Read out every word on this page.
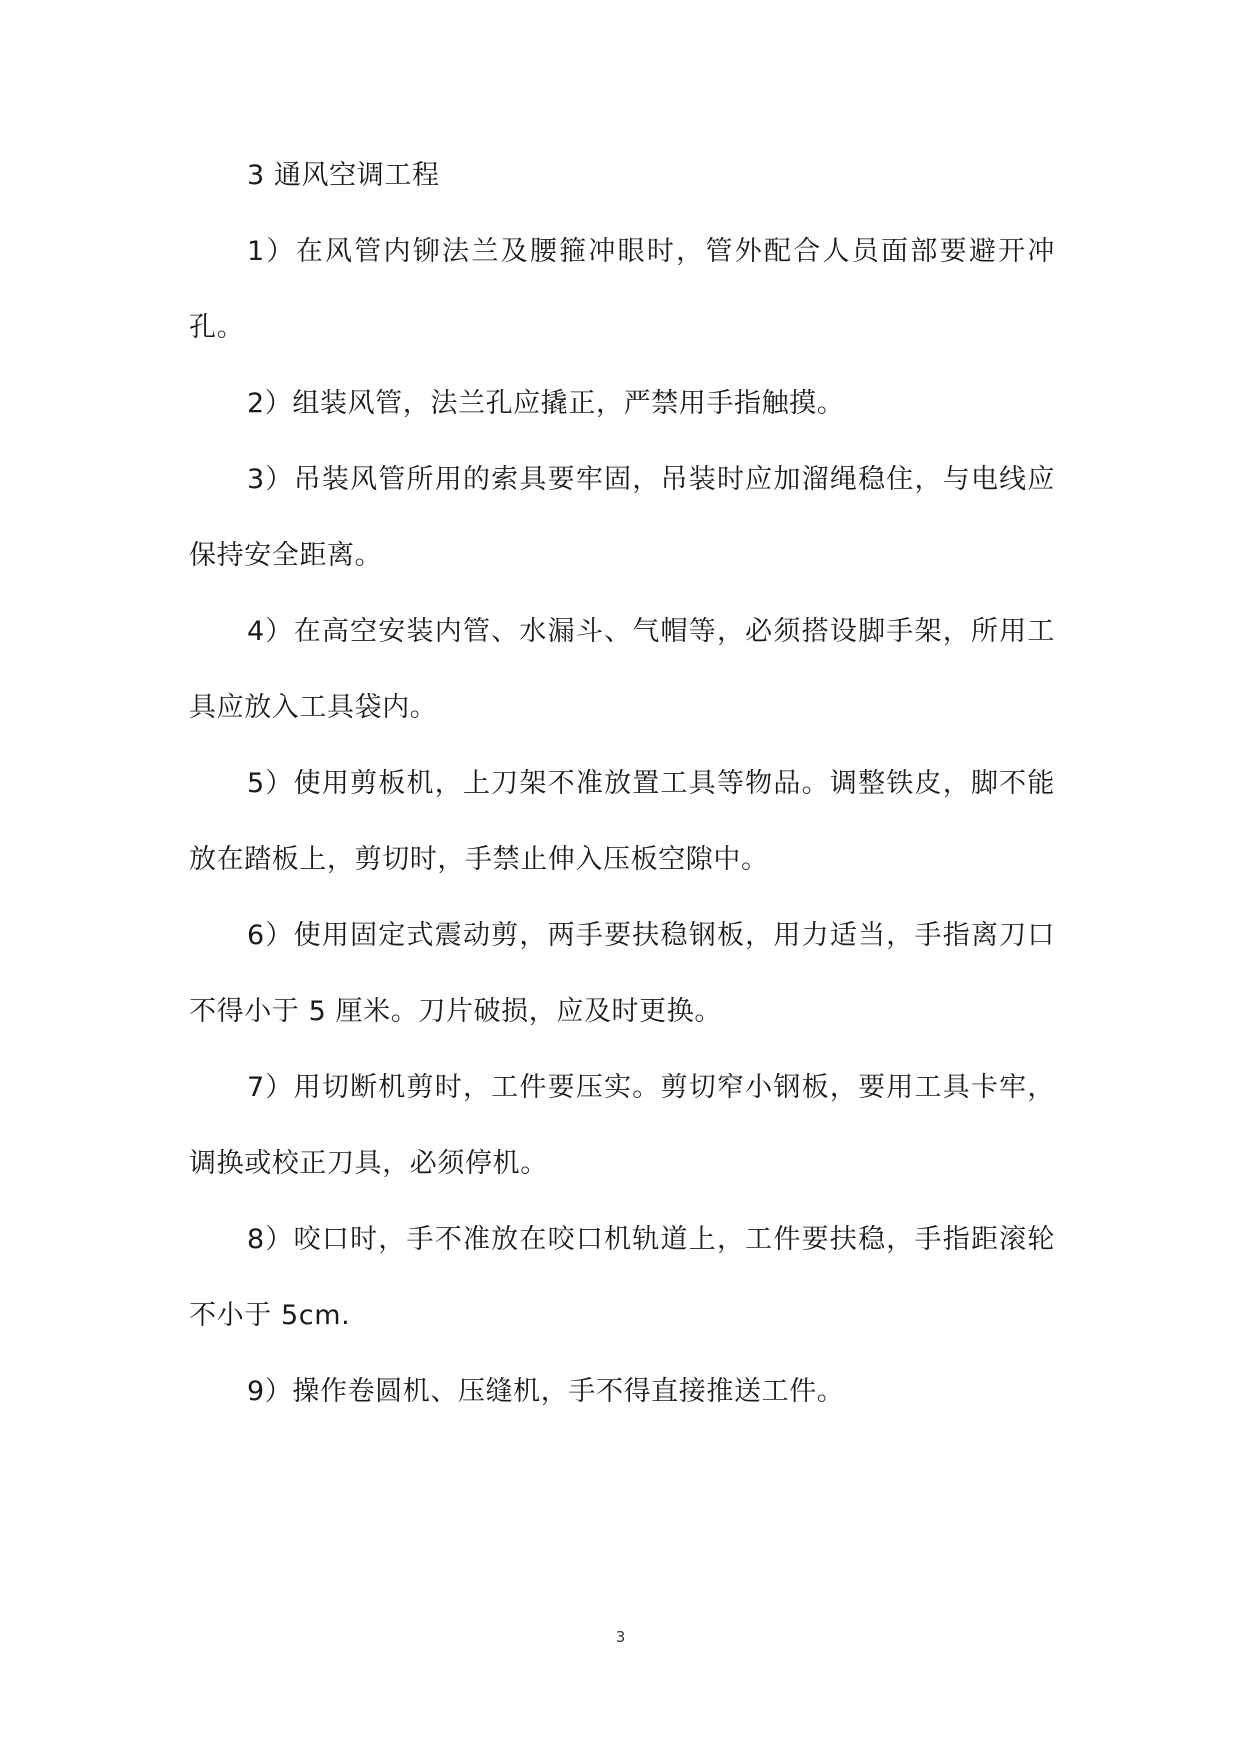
3 通风空调工程

1）在风管内铆法兰及腰箍冲眼时，管外配合人员面部要避开冲孔。

2）组装风管，法兰孔应撬正，严禁用手指触摸。

3）吊装风管所用的索具要牢固，吊装时应加溜绳稳住，与电线应保持安全距离。

4）在高空安装内管、水漏斗、气帽等，必须搭设脚手架，所用工具应放入工具袋内。

5）使用剪板机，上刀架不准放置工具等物品。调整铁皮，脚不能放在踏板上，剪切时，手禁止伸入压板空隙中。

6）使用固定式震动剪，两手要扶稳钢板，用力适当，手指离刀口不得小于 5 厘米。刀片破损，应及时更换。

7）用切断机剪时，工件要压实。剪切窄小钢板，要用工具卡牢，调换或校正刀具，必须停机。

8）咬口时，手不准放在咬口机轨道上，工件要扶稳，手指距滚轮不小于 5cm.

9）操作卷圆机、压缝机，手不得直接推送工件。

3
